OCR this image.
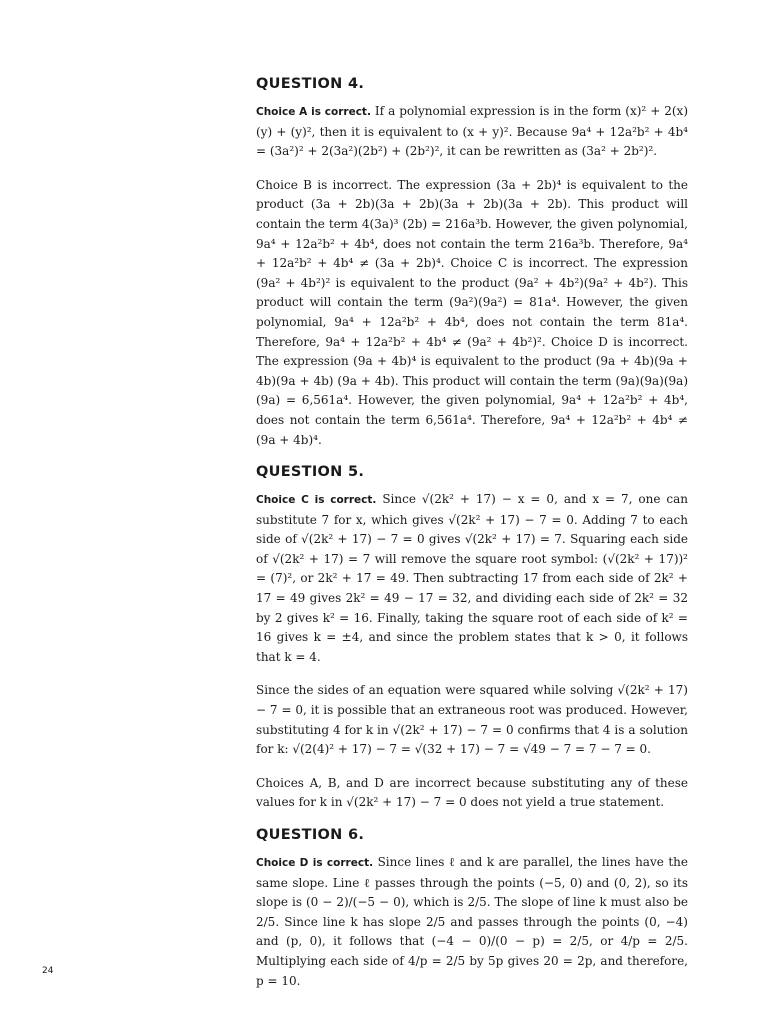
QUESTION 4.

Choice A is correct. If a polynomial expression is in the form (x)² + 2(x)(y) + (y)², then it is equivalent to (x + y)². Because 9a⁴ + 12a²b² + 4b⁴ = (3a²)² + 2(3a²)(2b²) + (2b²)², it can be rewritten as (3a² + 2b²)².

Choice B is incorrect. The expression (3a + 2b)⁴ is equivalent to the product (3a + 2b)(3a + 2b)(3a + 2b)(3a + 2b). This product will contain the term 4(3a)³ (2b) = 216a³b. However, the given polynomial, 9a⁴ + 12a²b² + 4b⁴, does not contain the term 216a³b. Therefore, 9a⁴ + 12a²b² + 4b⁴ ≠ (3a + 2b)⁴. Choice C is incorrect. The expression (9a² + 4b²)² is equivalent to the product (9a² + 4b²)(9a² + 4b²). This product will contain the term (9a²)(9a²) = 81a⁴. However, the given polynomial, 9a⁴ + 12a²b² + 4b⁴, does not contain the term 81a⁴. Therefore, 9a⁴ + 12a²b² + 4b⁴ ≠ (9a² + 4b²)². Choice D is incorrect. The expression (9a + 4b)⁴ is equivalent to the product (9a + 4b)(9a + 4b)(9a + 4b) (9a + 4b). This product will contain the term (9a)(9a)(9a)(9a) = 6,561a⁴. However, the given polynomial, 9a⁴ + 12a²b² + 4b⁴, does not contain the term 6,561a⁴. Therefore, 9a⁴ + 12a²b² + 4b⁴ ≠ (9a + 4b)⁴.

QUESTION 5.

Choice C is correct. Since √(2k² + 17) − x = 0, and x = 7, one can substitute 7 for x, which gives √(2k² + 17) − 7 = 0. Adding 7 to each side of √(2k² + 17) − 7 = 0 gives √(2k² + 17) = 7. Squaring each side of √(2k² + 17) = 7 will remove the square root symbol: (√(2k² + 17))² = (7)², or 2k² + 17 = 49. Then subtracting 17 from each side of 2k² + 17 = 49 gives 2k² = 49 − 17 = 32, and dividing each side of 2k² = 32 by 2 gives k² = 16. Finally, taking the square root of each side of k² = 16 gives k = ±4, and since the problem states that k > 0, it follows that k = 4.

Since the sides of an equation were squared while solving √(2k² + 17) − 7 = 0, it is possible that an extraneous root was produced. However, substituting 4 for k in √(2k² + 17) − 7 = 0 confirms that 4 is a solution for k: √(2(4)² + 17) − 7 = √(32 + 17) − 7 = √49 − 7 = 7 − 7 = 0.

Choices A, B, and D are incorrect because substituting any of these values for k in √(2k² + 17) − 7 = 0 does not yield a true statement.

QUESTION 6.

Choice D is correct. Since lines ℓ and k are parallel, the lines have the same slope. Line ℓ passes through the points (−5, 0) and (0, 2), so its slope is (0 − 2)/(−5 − 0), which is 2/5. The slope of line k must also be 2/5. Since line k has slope 2/5 and passes through the points (0, −4) and (p, 0), it follows that (−4 − 0)/(0 − p) = 2/5, or 4/p = 2/5. Multiplying each side of 4/p = 2/5 by 5p gives 20 = 2p, and therefore, p = 10.

24
